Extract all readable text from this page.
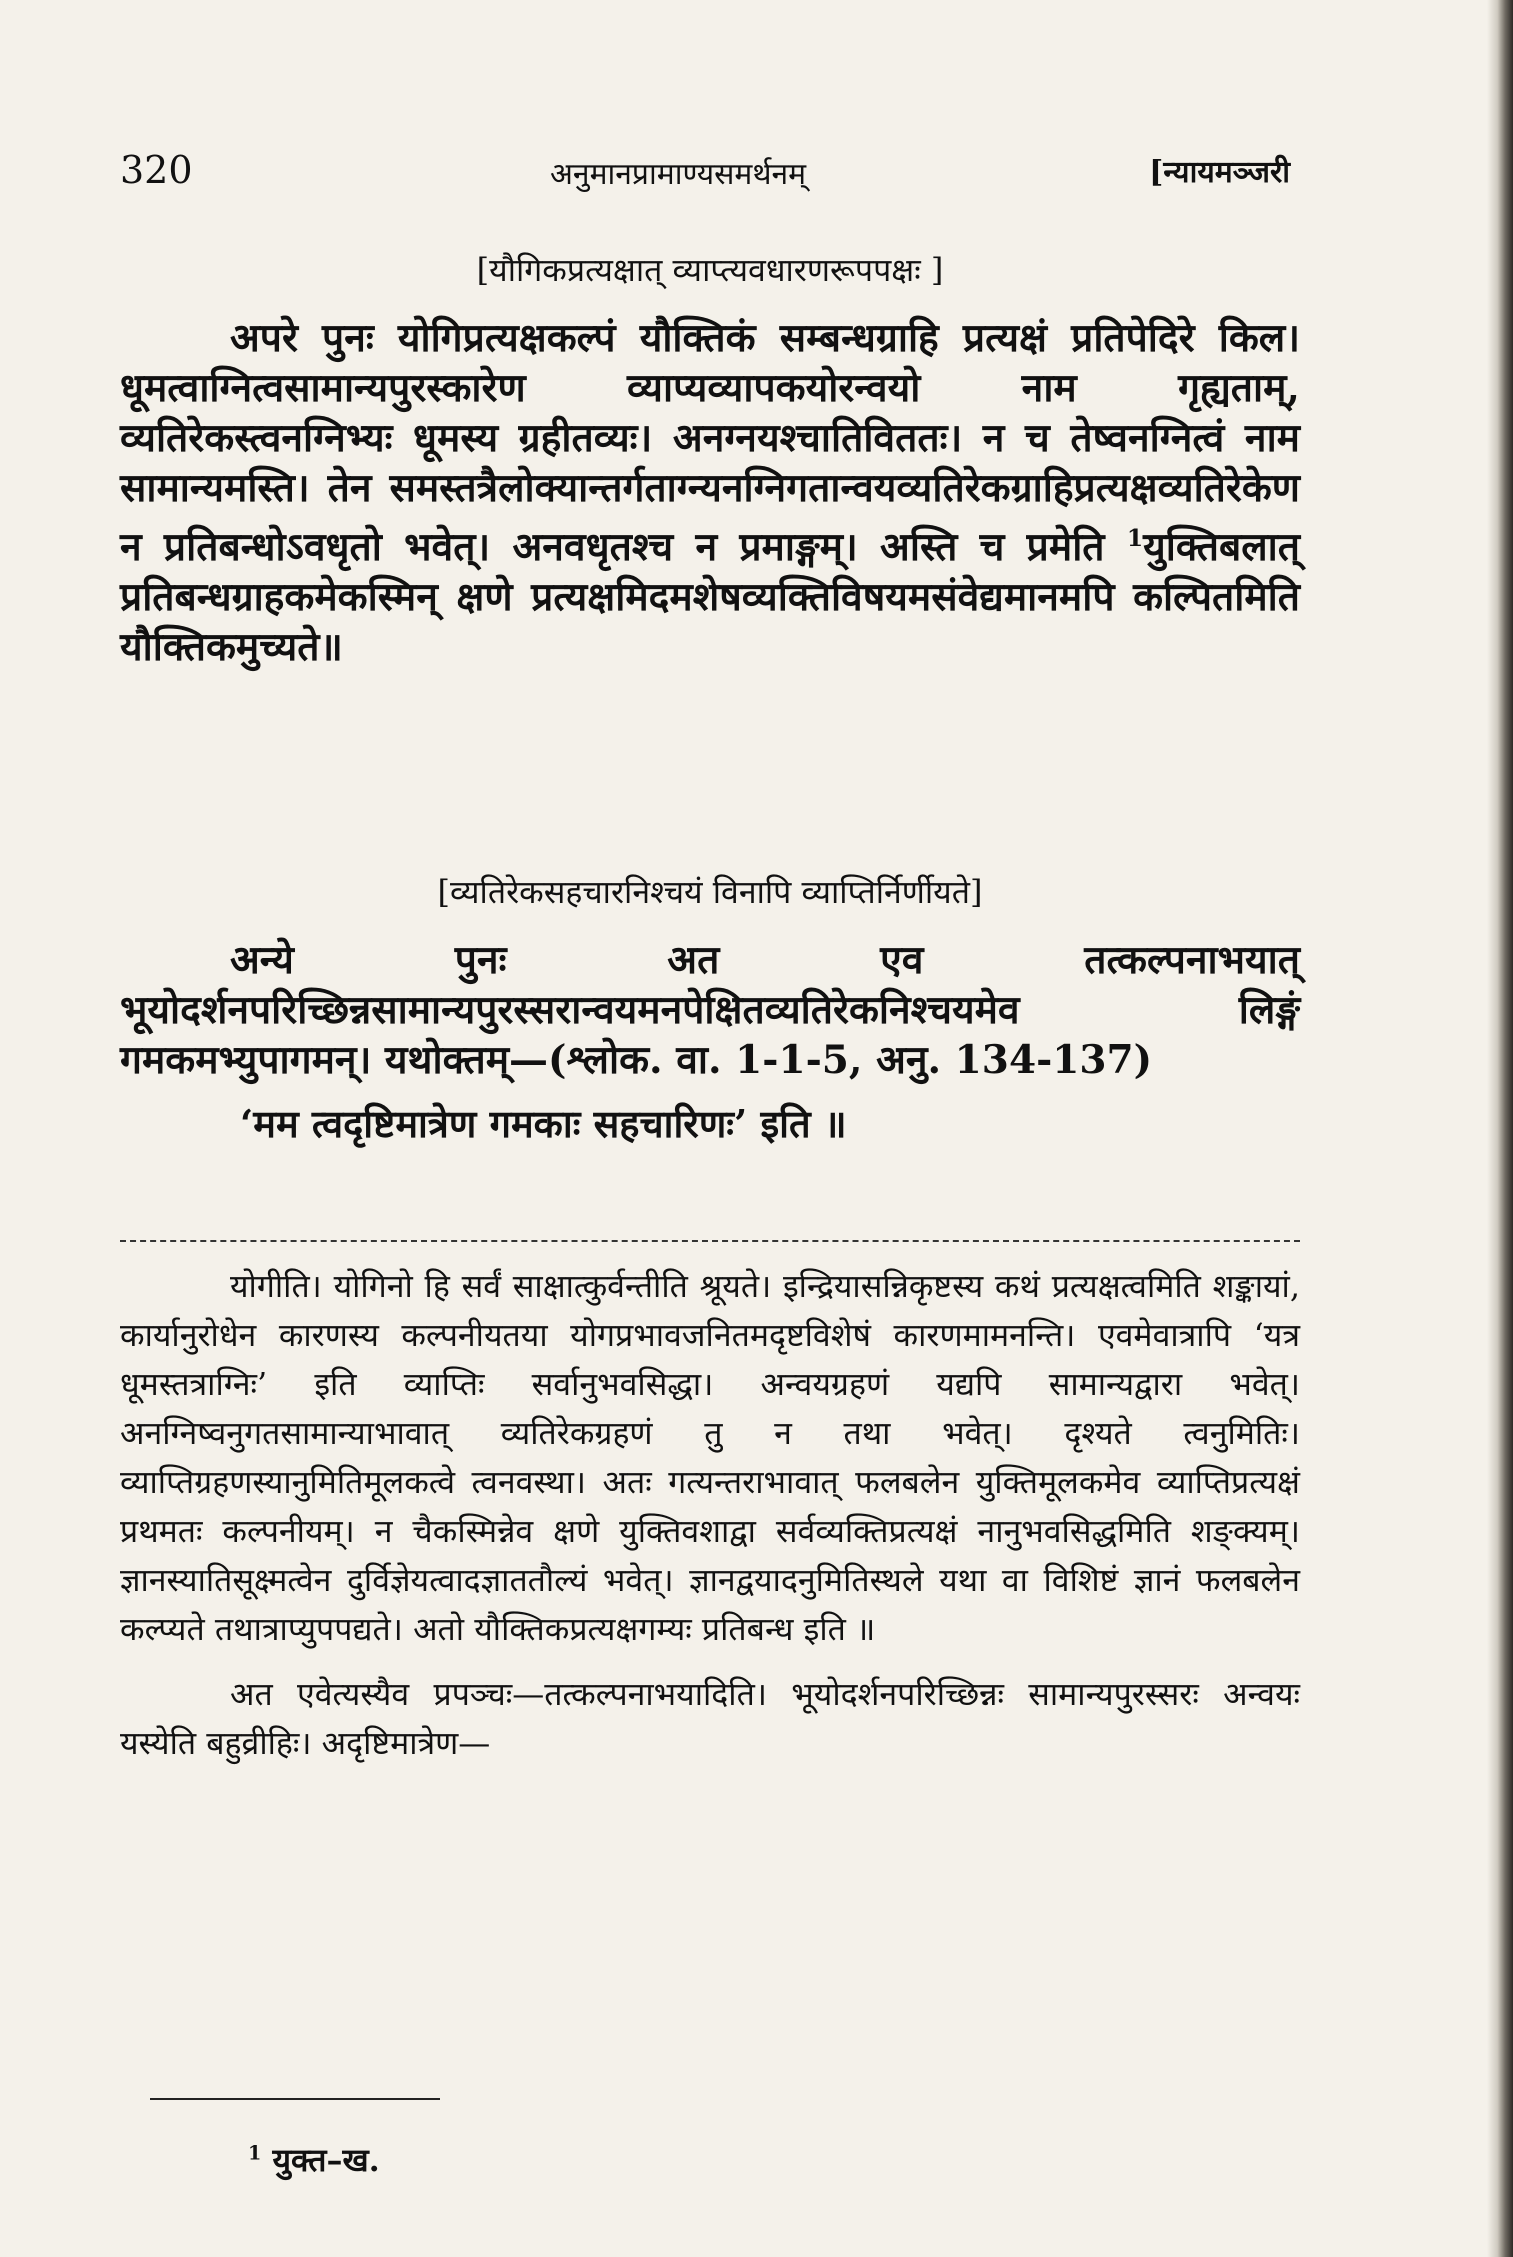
320	अनुमानप्रामाण्यसमर्थनम्	[न्यायमञ्जरी
[यौगिकप्रत्यक्षात् व्याप्त्यवधारणरूपपक्षः ]

अपरे पुनः योगिप्रत्यक्षकल्पं यौक्तिकं सम्बन्धग्राहि प्रत्यक्षं प्रतिपेदिरे किल। धूमत्वाग्नित्वसामान्यपुरस्कारेण व्याप्यव्यापकयोरन्वयो नाम गृह्यताम्, व्यतिरेकस्त्वनग्निभ्यः धूमस्य ग्रहीतव्यः। अनग्नयश्चातिविततः। न च तेष्वनग्नित्वं नाम सामान्यमस्ति। तेन समस्तत्रैलोक्यान्तर्गताग्न्यनग्निगतान्वयव्यतिरेकग्राहिप्रत्यक्षव्यतिरेकेण न प्रतिबन्धोऽवधृतो भवेत्। अनवधृतश्च न प्रमाङ्गम्। अस्ति च प्रमेति $^1$युक्तिबलात् प्रतिबन्धग्राहकमेकस्मिन् क्षणे प्रत्यक्षमिदमशेषव्यक्तिविषयमसंवेद्यमानमपि कल्पितमिति यौक्तिकमुच्यते॥

[व्यतिरेकसहचारनिश्चयं विनापि व्याप्तिर्निर्णीयते]

अन्ये पुनः अत एव तत्कल्पनाभयात् भूयोदर्शनपरिच्छिन्नसामान्यपुरस्सरान्वयमनपेक्षितव्यतिरेकनिश्चयमेव लिङ्गं गमकमभ्युपागमन्। यथोक्तम्—(श्लोक. वा. 1-1-5, अनु. 134-137)

‘मम त्वदृष्टिमात्रेण गमकाः सहचारिणः’ इति ॥

योगीति। योगिनो हि सर्वं साक्षात्कुर्वन्तीति श्रूयते। इन्द्रियासन्निकृष्टस्य कथं प्रत्यक्षत्वमिति शङ्कायां, कार्यानुरोधेन कारणस्य कल्पनीयतया योगप्रभावजनितमदृष्टविशेषं कारणमामनन्ति। एवमेवात्रापि ‘यत्र धूमस्तत्राग्निः’ इति व्याप्तिः सर्वानुभवसिद्धा। अन्वयग्रहणं यद्यपि सामान्यद्वारा भवेत्। अनग्निष्वनुगतसामान्याभावात् व्यतिरेकग्रहणं तु न तथा भवेत्। दृश्यते त्वनुमितिः। व्याप्तिग्रहणस्यानुमितिमूलकत्वे त्वनवस्था। अतः गत्यन्तराभावात् फलबलेन युक्तिमूलकमेव व्याप्तिप्रत्यक्षं प्रथमतः कल्पनीयम्। न चैकस्मिन्नेव क्षणे युक्तिवशाद्वा सर्वव्यक्तिप्रत्यक्षं नानुभवसिद्धमिति शङ्क्यम्। ज्ञानस्यातिसूक्ष्मत्वेन दुर्विज्ञेयत्वादज्ञाततौल्यं भवेत्। ज्ञानद्वयादनुमितिस्थले यथा वा विशिष्टं ज्ञानं फलबलेन कल्प्यते तथात्राप्युपपद्यते। अतो यौक्तिकप्रत्यक्षगम्यः प्रतिबन्ध इति ॥

अत एवेत्यस्यैव प्रपञ्चः—तत्कल्पनाभयादिति। भूयोदर्शनपरिच्छिन्नः सामान्यपुरस्सरः अन्वयः यस्येति बहुव्रीहिः। अदृष्टिमात्रेण—

$^1$ युक्त–ख.
